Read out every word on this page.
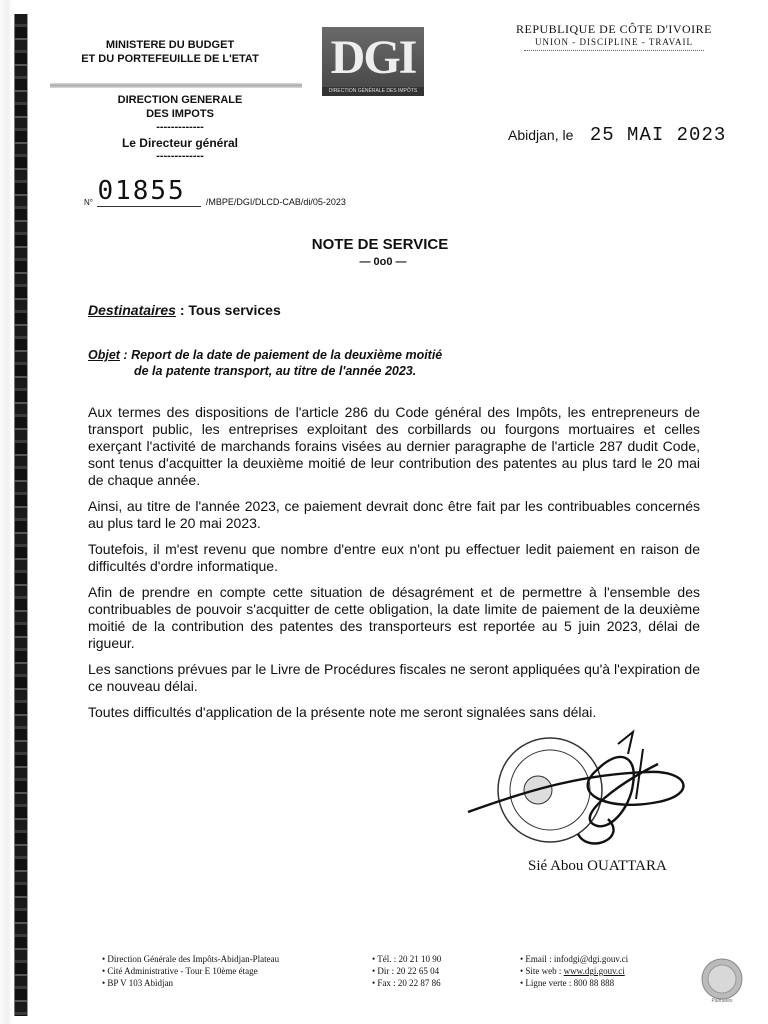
MINISTERE DU BUDGET
ET DU PORTEFEUILLE DE L'ETAT
DIRECTION GENERALE
DES IMPOTS
-------------
Le Directeur général
-------------
DGI
DIRECTION GÉNÉRALE DES IMPÔTS
REPUBLIQUE DE CÔTE D'IVOIRE
UNION - DISCIPLINE - TRAVAIL
Abidjan, le 25 MAI 2023
N° 01855 /MBPE/DGI/DLCD-CAB/di/05-2023
NOTE DE SERVICE
— 0o0 —
Destinataires : Tous services
Objet : Report de la date de paiement de la deuxième moitié
de la patente transport, au titre de l'année 2023.

Aux termes des dispositions de l'article 286 du Code général des Impôts, les entrepreneurs de transport public, les entreprises exploitant des corbillards ou fourgons mortuaires et celles exerçant l'activité de marchands forains visées au dernier paragraphe de l'article 287 dudit Code, sont tenus d'acquitter la deuxième moitié de leur contribution des patentes au plus tard le 20 mai de chaque année.

Ainsi, au titre de l'année 2023, ce paiement devrait donc être fait par les contribuables concernés au plus tard le 20 mai 2023.

Toutefois, il m'est revenu que nombre d'entre eux n'ont pu effectuer ledit paiement en raison de difficultés d'ordre informatique.

Afin de prendre en compte cette situation de désagrément et de permettre à l'ensemble des contribuables de pouvoir s'acquitter de cette obligation, la date limite de paiement de la deuxième moitié de la contribution des patentes des transporteurs est reportée au 5 juin 2023, délai de rigueur.

Les sanctions prévues par le Livre de Procédures fiscales ne seront appliquées qu'à l'expiration de ce nouveau délai.

Toutes difficultés d'application de la présente note me seront signalées sans délai.

Sié Abou OUATTARA
• Direction Générale des Impôts-Abidjan-Plateau
• Cité Administrative - Tour E 10ème étage
• BP V 103 Abidjan
• Tél. : 20 21 10 90
• Dir : 20 22 65 04
• Fax : 20 22 87 86
• Email : infodgi@dgi.gouv.ci
• Site web : www.dgi.gouv.ci
• Ligne verte : 800 88 888
Palmarès
